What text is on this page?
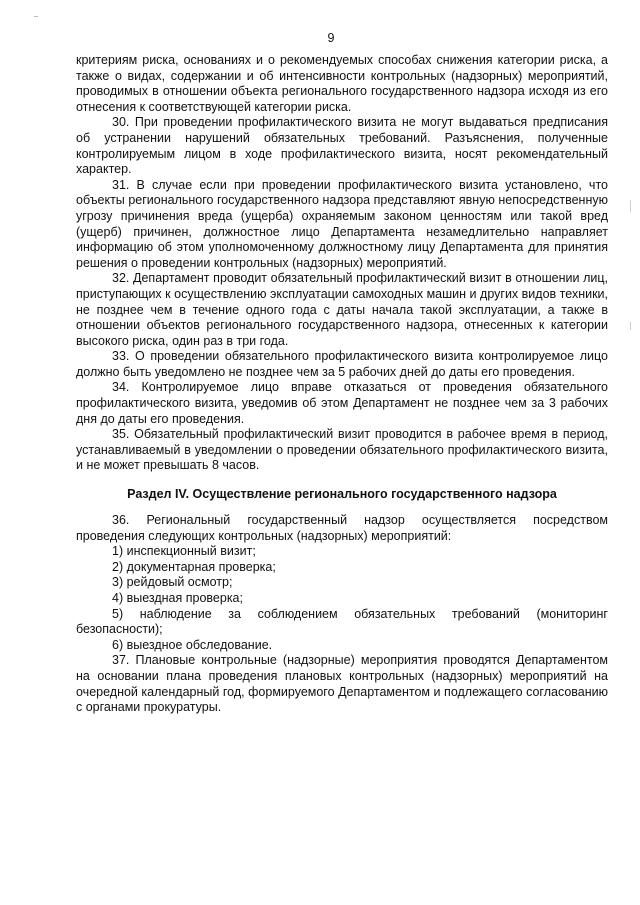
9

критериям риска, основаниях и о рекомендуемых способах снижения категории риска, а также о видах, содержании и об интенсивности контрольных (надзорных) мероприятий, проводимых в отношении объекта регионального государственного надзора исходя из его отнесения к соответствующей категории риска.

30. При проведении профилактического визита не могут выдаваться предписания об устранении нарушений обязательных требований. Разъяснения, полученные контролируемым лицом в ходе профилактического визита, носят рекомендательный характер.

31. В случае если при проведении профилактического визита установлено, что объекты регионального государственного надзора представляют явную непосредственную угрозу причинения вреда (ущерба) охраняемым законом ценностям или такой вред (ущерб) причинен, должностное лицо Департамента незамедлительно направляет информацию об этом уполномоченному должностному лицу Департамента для принятия решения о проведении контрольных (надзорных) мероприятий.

32. Департамент проводит обязательный профилактический визит в отношении лиц, приступающих к осуществлению эксплуатации самоходных машин и других видов техники, не позднее чем в течение одного года с даты начала такой эксплуатации, а также в отношении объектов регионального государственного надзора, отнесенных к категории высокого риска, один раз в три года.

33. О проведении обязательного профилактического визита контролируемое лицо должно быть уведомлено не позднее чем за 5 рабочих дней до даты его проведения.

34. Контролируемое лицо вправе отказаться от проведения обязательного профилактического визита, уведомив об этом Департамент не позднее чем за 3 рабочих дня до даты его проведения.

35. Обязательный профилактический визит проводится в рабочее время в период, устанавливаемый в уведомлении о проведении обязательного профилактического визита, и не может превышать 8 часов.

Раздел IV. Осуществление регионального государственного надзора

36. Региональный государственный надзор осуществляется посредством проведения следующих контрольных (надзорных) мероприятий:

1) инспекционный визит;

2) документарная проверка;

3) рейдовый осмотр;

4) выездная проверка;

5) наблюдение за соблюдением обязательных требований (мониторинг безопасности);

6) выездное обследование.

37. Плановые контрольные (надзорные) мероприятия проводятся Департаментом на основании плана проведения плановых контрольных (надзорных) мероприятий на очередной календарный год, формируемого Департаментом и подлежащего согласованию с органами прокуратуры.
